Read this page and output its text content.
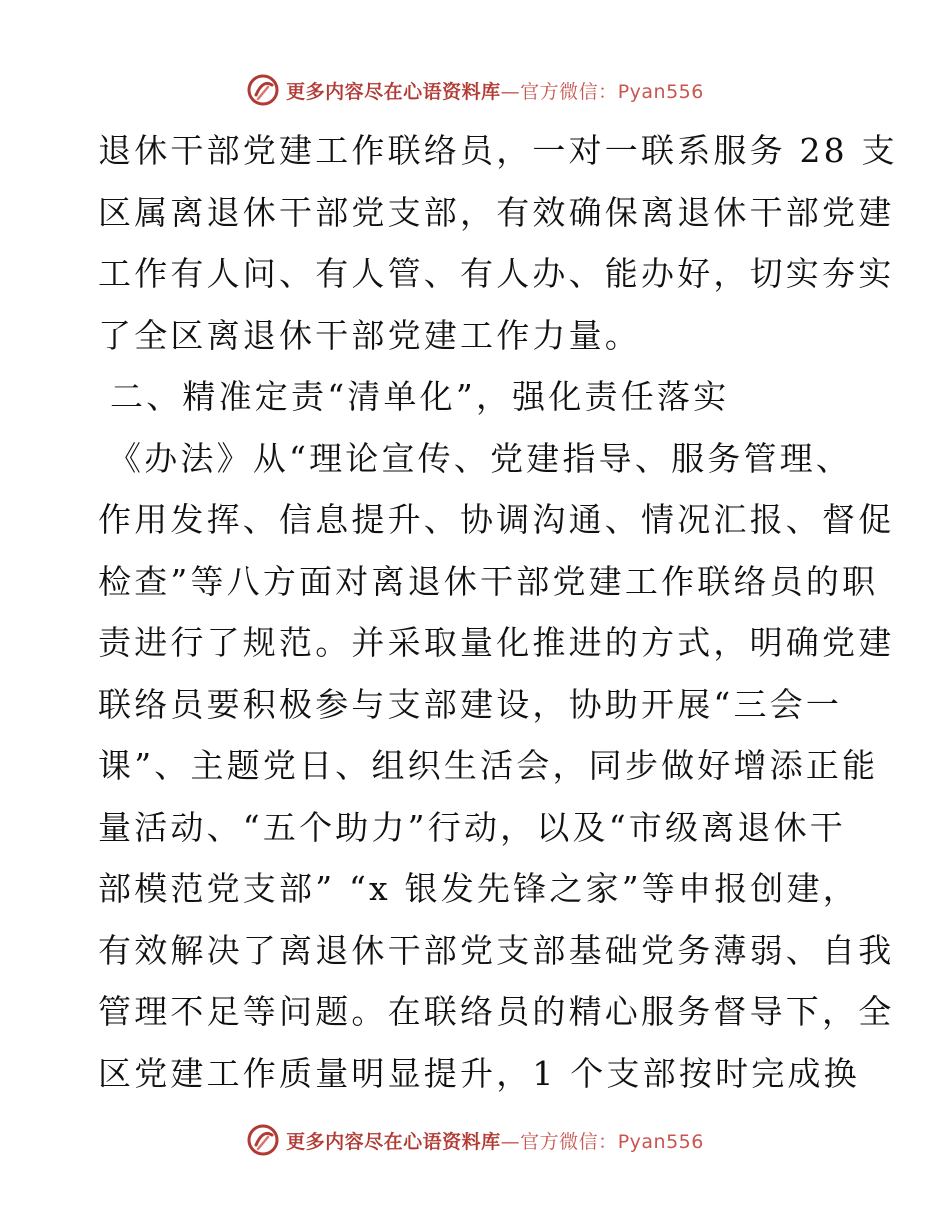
更多内容尽在心语资料库—官方微信：Pyan556
退休干部党建工作联络员，一对一联系服务 28 支
区属离退休干部党支部，有效确保离退休干部党建
工作有人问、有人管、有人办、能办好，切实夯实
了全区离退休干部党建工作力量。
二、精准定责“清单化”，强化责任落实
《办法》从“理论宣传、党建指导、服务管理、
作用发挥、信息提升、协调沟通、情况汇报、督促
检查”等八方面对离退休干部党建工作联络员的职
责进行了规范。并采取量化推进的方式，明确党建
联络员要积极参与支部建设，协助开展“三会一
课”、主题党日、组织生活会，同步做好增添正能
量活动、“五个助力”行动，以及“市级离退休干
部模范党支部” “x 银发先锋之家”等申报创建，
有效解决了离退休干部党支部基础党务薄弱、自我
管理不足等问题。在联络员的精心服务督导下，全
区党建工作质量明显提升，1 个支部按时完成换
更多内容尽在心语资料库—官方微信：Pyan556
